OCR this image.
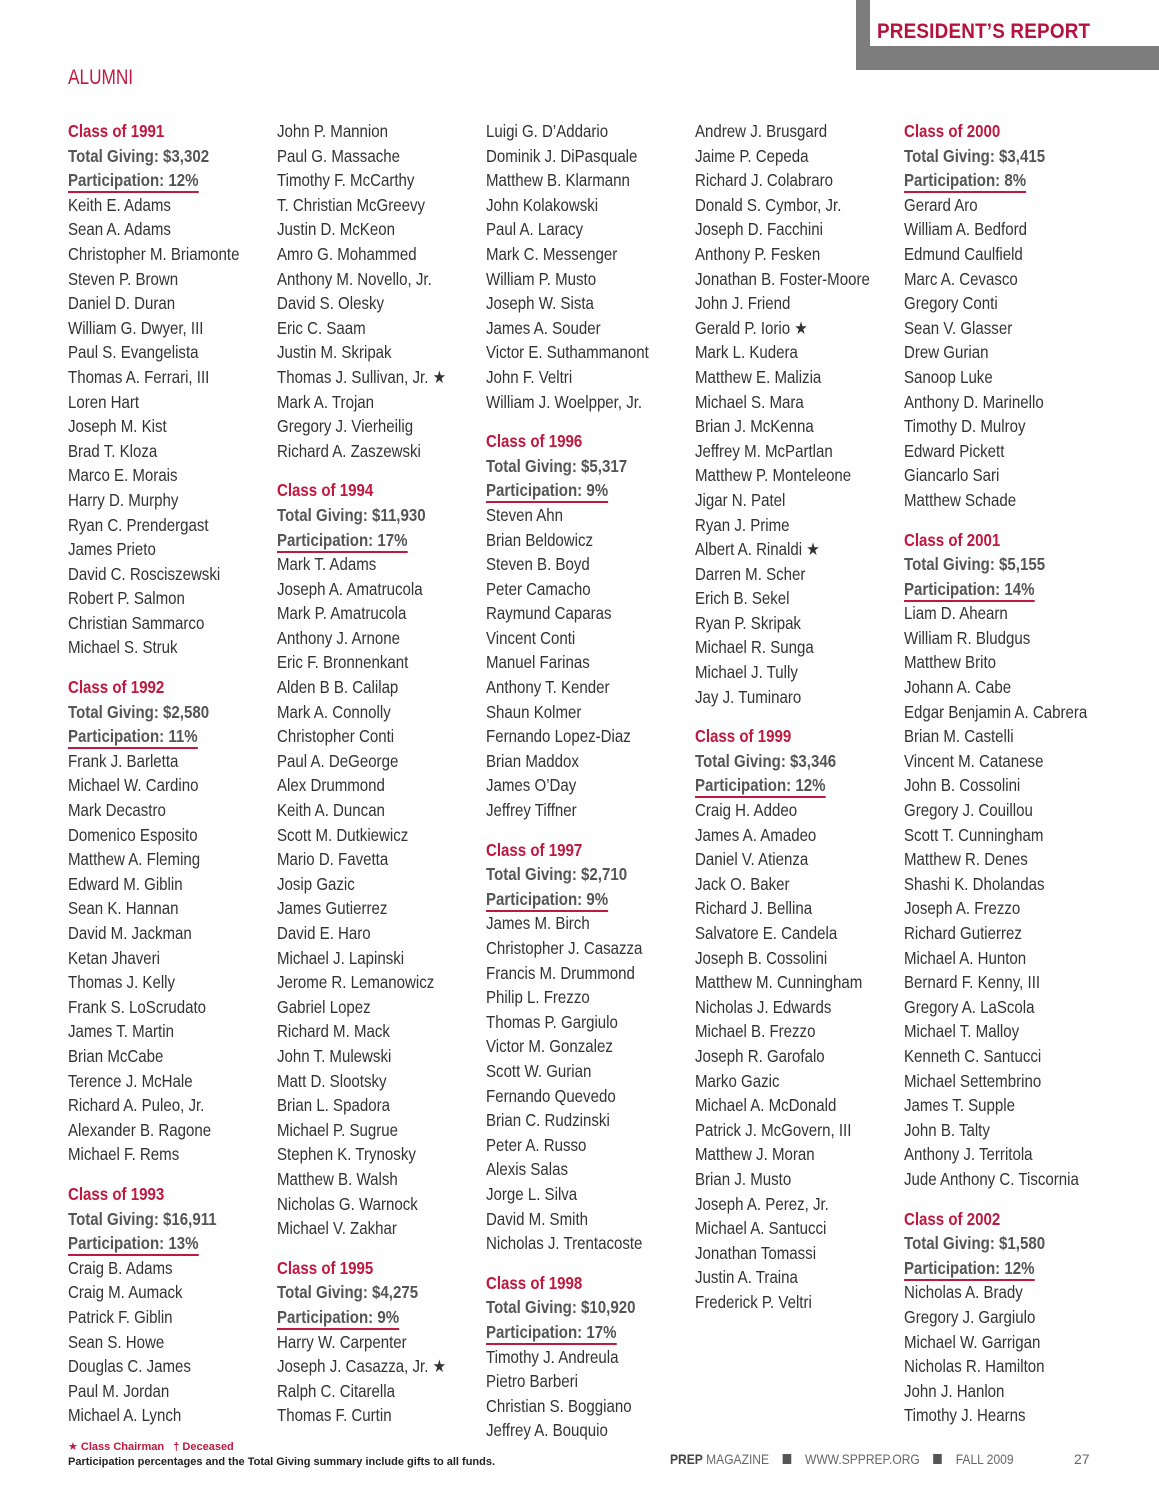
PRESIDENT’S REPORT
ALUMNI
Class of 1991
Total Giving: $3,302
Participation: 12%
Keith E. Adams
Sean A. Adams
Christopher M. Briamonte
Steven P. Brown
Daniel D. Duran
William G. Dwyer, III
Paul S. Evangelista
Thomas A. Ferrari, III
Loren Hart
Joseph M. Kist
Brad T. Kloza
Marco E. Morais
Harry D. Murphy
Ryan C. Prendergast
James Prieto
David C. Rosciszewski
Robert P. Salmon
Christian Sammarco
Michael S. Struk
Class of 1992
Total Giving: $2,580
Participation: 11%
Frank J. Barletta
Michael W. Cardino
Mark Decastro
Domenico Esposito
Matthew A. Fleming
Edward M. Giblin
Sean K. Hannan
David M. Jackman
Ketan Jhaveri
Thomas J. Kelly
Frank S. LoScrudato
James T. Martin
Brian McCabe
Terence J. McHale
Richard A. Puleo, Jr.
Alexander B. Ragone
Michael F. Rems
Class of 1993
Total Giving: $16,911
Participation: 13%
Craig B. Adams
Craig M. Aumack
Patrick F. Giblin
Sean S. Howe
Douglas C. James
Paul M. Jordan
Michael A. Lynch
John P. Mannion
Paul G. Massache
Timothy F. McCarthy
T. Christian McGreevy
Justin D. McKeon
Amro G. Mohammed
Anthony M. Novello, Jr.
David S. Olesky
Eric C. Saam
Justin M. Skripak
Thomas J. Sullivan, Jr. ★
Mark A. Trojan
Gregory J. Vierheilig
Richard A. Zaszewski
Class of 1994
Total Giving: $11,930
Participation: 17%
Mark T. Adams
Joseph A. Amatrucola
Mark P. Amatrucola
Anthony J. Arnone
Eric F. Bronnenkant
Alden B B. Calilap
Mark A. Connolly
Christopher Conti
Paul A. DeGeorge
Alex Drummond
Keith A. Duncan
Scott M. Dutkiewicz
Mario D. Favetta
Josip Gazic
James Gutierrez
David E. Haro
Michael J. Lapinski
Jerome R. Lemanowicz
Gabriel Lopez
Richard M. Mack
John T. Mulewski
Matt D. Slootsky
Brian L. Spadora
Michael P. Sugrue
Stephen K. Trynosky
Matthew B. Walsh
Nicholas G. Warnock
Michael V. Zakhar
Class of 1995
Total Giving: $4,275
Participation: 9%
Harry W. Carpenter
Joseph J. Casazza, Jr. ★
Ralph C. Citarella
Thomas F. Curtin
Luigi G. D’Addario
Dominik J. DiPasquale
Matthew B. Klarmann
John Kolakowski
Paul A. Laracy
Mark C. Messenger
William P. Musto
Joseph W. Sista
James A. Souder
Victor E. Suthammanont
John F. Veltri
William J. Woelpper, Jr.
Class of 1996
Total Giving: $5,317
Participation: 9%
Steven Ahn
Brian Beldowicz
Steven B. Boyd
Peter Camacho
Raymund Caparas
Vincent Conti
Manuel Farinas
Anthony T. Kender
Shaun Kolmer
Fernando Lopez-Diaz
Brian Maddox
James O’Day
Jeffrey Tiffner
Class of 1997
Total Giving: $2,710
Participation: 9%
James M. Birch
Christopher J. Casazza
Francis M. Drummond
Philip L. Frezzo
Thomas P. Gargiulo
Victor M. Gonzalez
Scott W. Gurian
Fernando Quevedo
Brian C. Rudzinski
Peter A. Russo
Alexis Salas
Jorge L. Silva
David M. Smith
Nicholas J. Trentacoste
Class of 1998
Total Giving: $10,920
Participation: 17%
Timothy J. Andreula
Pietro Barberi
Christian S. Boggiano
Jeffrey A. Bouquio
Andrew J. Brusgard
Jaime P. Cepeda
Richard J. Colabraro
Donald S. Cymbor, Jr.
Joseph D. Facchini
Anthony P. Fesken
Jonathan B. Foster-Moore
John J. Friend
Gerald P. Iorio ★
Mark L. Kudera
Matthew E. Malizia
Michael S. Mara
Brian J. McKenna
Jeffrey M. McPartlan
Matthew P. Monteleone
Jigar N. Patel
Ryan J. Prime
Albert A. Rinaldi ★
Darren M. Scher
Erich B. Sekel
Ryan P. Skripak
Michael R. Sunga
Michael J. Tully
Jay J. Tuminaro
Class of 1999
Total Giving: $3,346
Participation: 12%
Craig H. Addeo
James A. Amadeo
Daniel V. Atienza
Jack O. Baker
Richard J. Bellina
Salvatore E. Candela
Joseph B. Cossolini
Matthew M. Cunningham
Nicholas J. Edwards
Michael B. Frezzo
Joseph R. Garofalo
Marko Gazic
Michael A. McDonald
Patrick J. McGovern, III
Matthew J. Moran
Brian J. Musto
Joseph A. Perez, Jr.
Michael A. Santucci
Jonathan Tomassi
Justin A. Traina
Frederick P. Veltri
Class of 2000
Total Giving: $3,415
Participation: 8%
Gerard Aro
William A. Bedford
Edmund Caulfield
Marc A. Cevasco
Gregory Conti
Sean V. Glasser
Drew Gurian
Sanoop Luke
Anthony D. Marinello
Timothy D. Mulroy
Edward Pickett
Giancarlo Sari
Matthew Schade
Class of 2001
Total Giving: $5,155
Participation: 14%
Liam D. Ahearn
William R. Bludgus
Matthew Brito
Johann A. Cabe
Edgar Benjamin A. Cabrera
Brian M. Castelli
Vincent M. Catanese
John B. Cossolini
Gregory J. Couillou
Scott T. Cunningham
Matthew R. Denes
Shashi K. Dholandas
Joseph A. Frezzo
Richard Gutierrez
Michael A. Hunton
Bernard F. Kenny, III
Gregory A. LaScola
Michael T. Malloy
Kenneth C. Santucci
Michael Settembrino
James T. Supple
John B. Talty
Anthony J. Territola
Jude Anthony C. Tiscornia
Class of 2002
Total Giving: $1,580
Participation: 12%
Nicholas A. Brady
Gregory J. Gargiulo
Michael W. Garrigan
Nicholas R. Hamilton
John J. Hanlon
Timothy J. Hearns
★ Class Chairman † Deceased
Participation percentages and the Total Giving summary include gifts to all funds.	PREP MAGAZINE	WWW.SPPREP.ORG	FALL 2009	27
